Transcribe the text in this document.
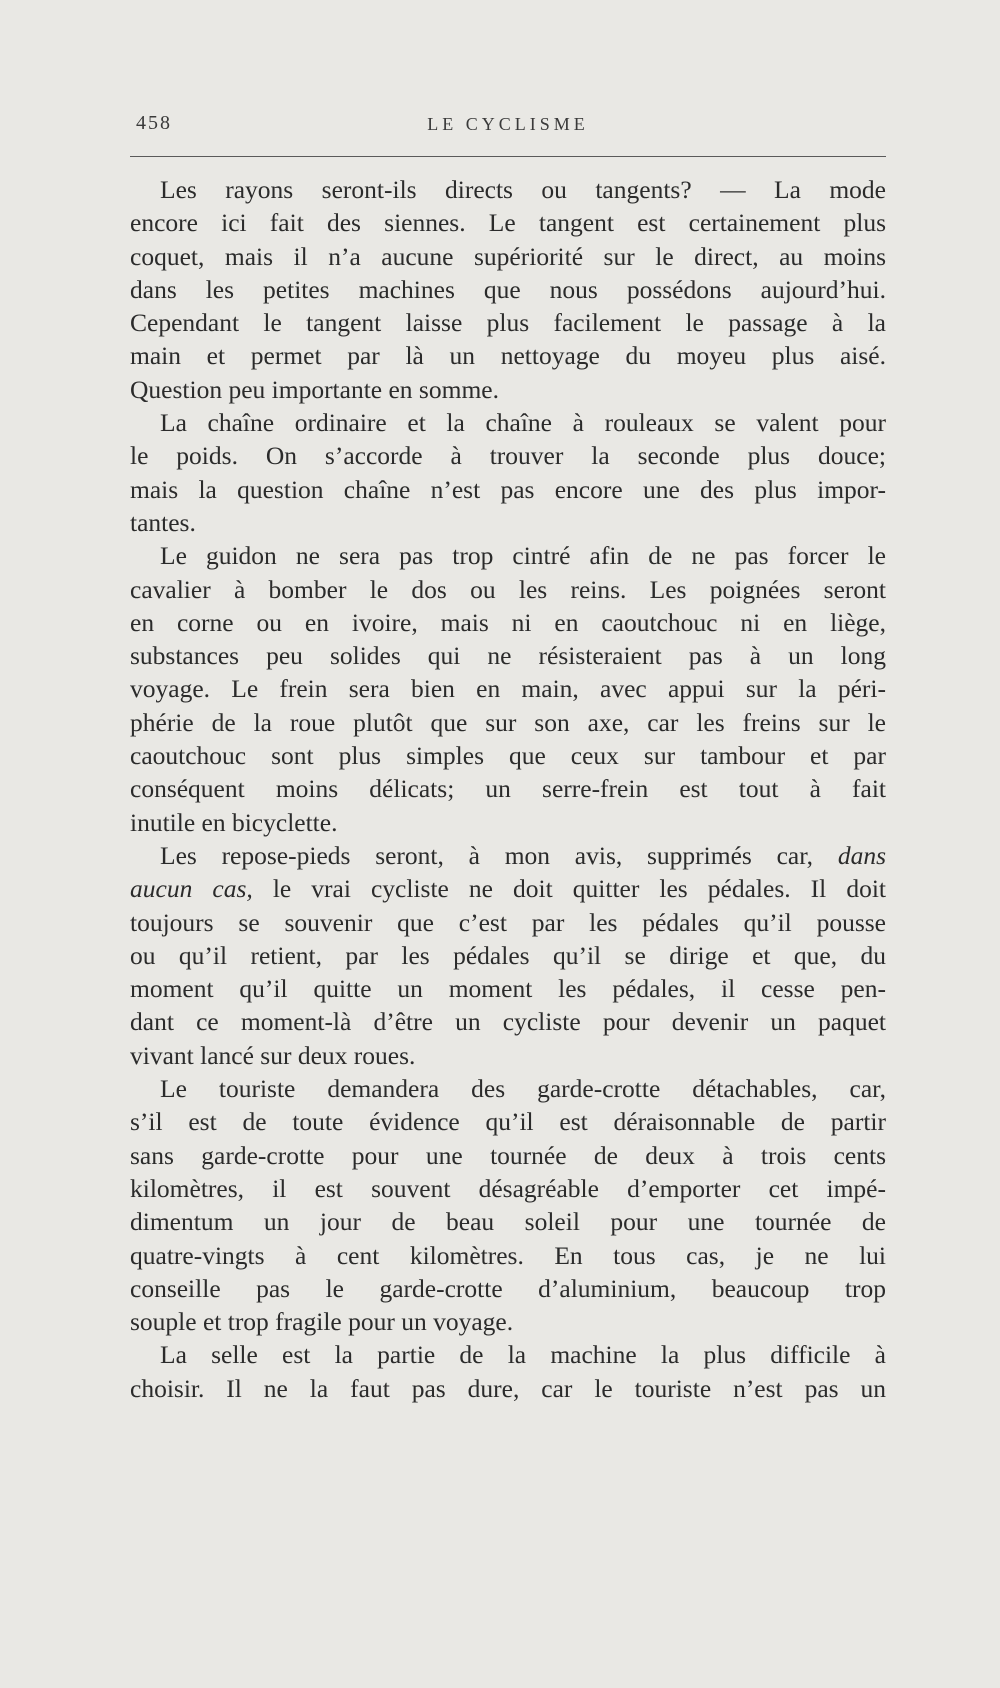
458	LE CYCLISME
Les rayons seront-ils directs ou tangents? — La mode
encore ici fait des siennes. Le tangent est certainement plus
coquet, mais il n’a aucune supériorité sur le direct, au moins
dans les petites machines que nous possédons aujourd’hui.
Cependant le tangent laisse plus facilement le passage à la
main et permet par là un nettoyage du moyeu plus aisé.
Question peu importante en somme.
La chaîne ordinaire et la chaîne à rouleaux se valent pour
le poids. On s’accorde à trouver la seconde plus douce;
mais la question chaîne n’est pas encore une des plus impor-
tantes.
Le guidon ne sera pas trop cintré afin de ne pas forcer le
cavalier à bomber le dos ou les reins. Les poignées seront
en corne ou en ivoire, mais ni en caoutchouc ni en liège,
substances peu solides qui ne résisteraient pas à un long
voyage. Le frein sera bien en main, avec appui sur la péri-
phérie de la roue plutôt que sur son axe, car les freins sur le
caoutchouc sont plus simples que ceux sur tambour et par
conséquent moins délicats; un serre-frein est tout à fait
inutile en bicyclette.
Les repose-pieds seront, à mon avis, supprimés car, dans
aucun cas, le vrai cycliste ne doit quitter les pédales. Il doit
toujours se souvenir que c’est par les pédales qu’il pousse
ou qu’il retient, par les pédales qu’il se dirige et que, du
moment qu’il quitte un moment les pédales, il cesse pen-
dant ce moment-là d’être un cycliste pour devenir un paquet
vivant lancé sur deux roues.
Le touriste demandera des garde-crotte détachables, car,
s’il est de toute évidence qu’il est déraisonnable de partir
sans garde-crotte pour une tournée de deux à trois cents
kilomètres, il est souvent désagréable d’emporter cet impé-
dimentum un jour de beau soleil pour une tournée de
quatre-vingts à cent kilomètres. En tous cas, je ne lui
conseille pas le garde-crotte d’aluminium, beaucoup trop
souple et trop fragile pour un voyage.
La selle est la partie de la machine la plus difficile à
choisir. Il ne la faut pas dure, car le touriste n’est pas un
